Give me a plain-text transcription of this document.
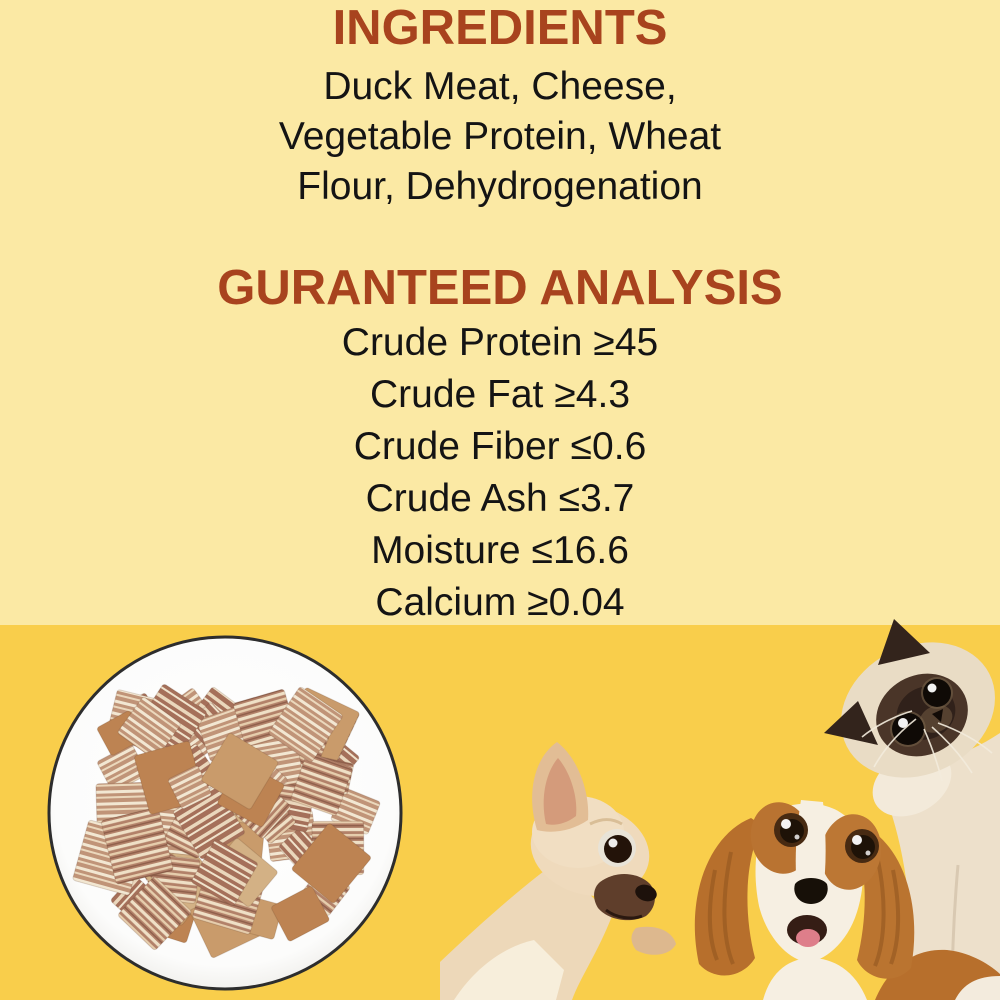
INGREDIENTS
Duck Meat, Cheese,
Vegetable Protein, Wheat
Flour, Dehydrogenation
GURANTEED ANALYSIS
Crude Protein ≥45
Crude Fat ≥4.3
Crude Fiber ≤0.6
Crude Ash ≤3.7
Moisture ≤16.6
Calcium ≥0.04
